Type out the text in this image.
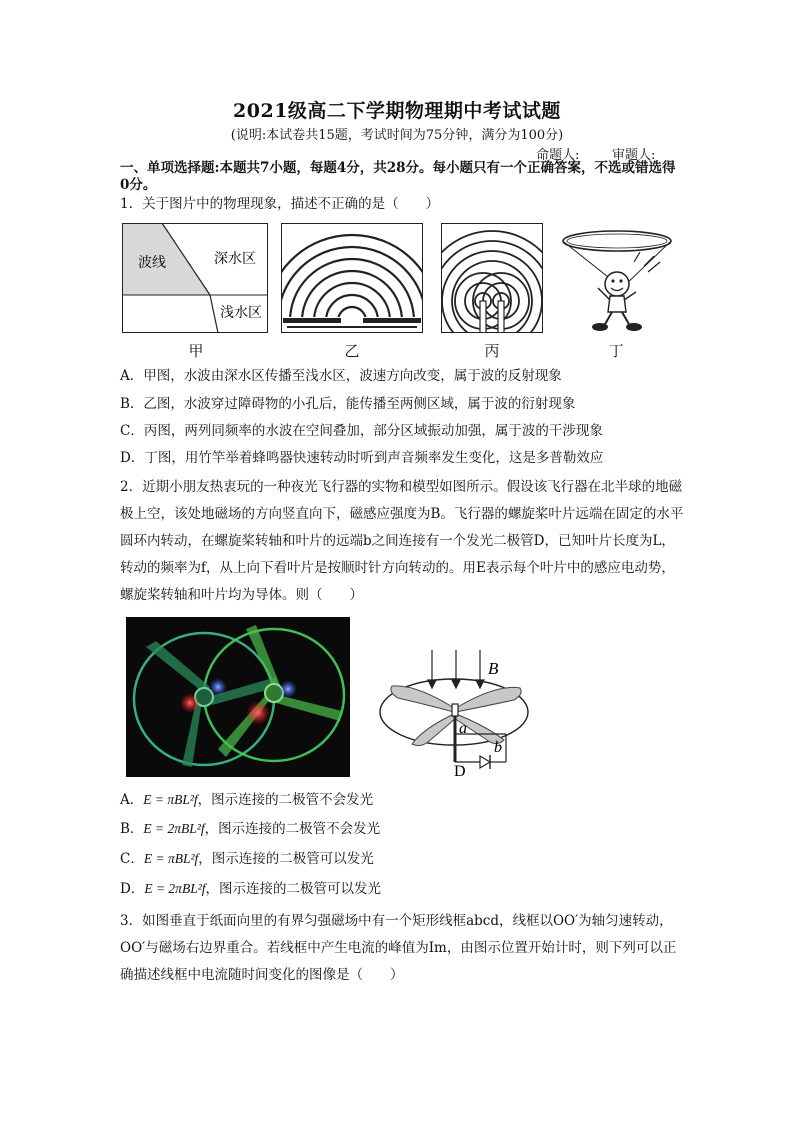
2021级高二下学期物理期中考试试题
(说明:本试卷共15题，考试时间为75分钟，满分为100分)
命题人:	审题人:
一、单项选择题:本题共7小题，每题4分，共28分。每小题只有一个正确答案，不选或错选得0分。
1．关于图片中的物理现象，描述不正确的是（　　）
波线	深水区
浅水区
甲	乙	丙	丁
A．甲图，水波由深水区传播至浅水区，波速方向改变，属于波的反射现象
B．乙图，水波穿过障碍物的小孔后，能传播至两侧区域，属于波的衍射现象
C．丙图，两列同频率的水波在空间叠加，部分区域振动加强，属于波的干涉现象
D．丁图，用竹竿举着蜂鸣器快速转动时听到声音频率发生变化，这是多普勒效应
2．近期小朋友热衷玩的一种夜光飞行器的实物和模型如图所示。假设该飞行器在北半球的地磁极上空，该处地磁场的方向竖直向下，磁感应强度为B。飞行器的螺旋桨叶片远端在固定的水平圆环内转动，在螺旋桨转轴和叶片的远端b之间连接有一个发光二极管D，已知叶片长度为L，转动的频率为f，从上向下看叶片是按顺时针方向转动的。用E表示每个叶片中的感应电动势，螺旋桨转轴和叶片均为导体。则（　　）
B
a
b
D
A．E = πBL²f，图示连接的二极管不会发光
B．E = 2πBL²f，图示连接的二极管不会发光
C．E = πBL²f，图示连接的二极管可以发光
D．E = 2πBL²f，图示连接的二极管可以发光
3．如图垂直于纸面向里的有界匀强磁场中有一个矩形线框abcd，线框以OO′为轴匀速转动，OO′与磁场右边界重合。若线框中产生电流的峰值为Im，由图示位置开始计时，则下列可以正确描述线框中电流随时间变化的图像是（　　）
